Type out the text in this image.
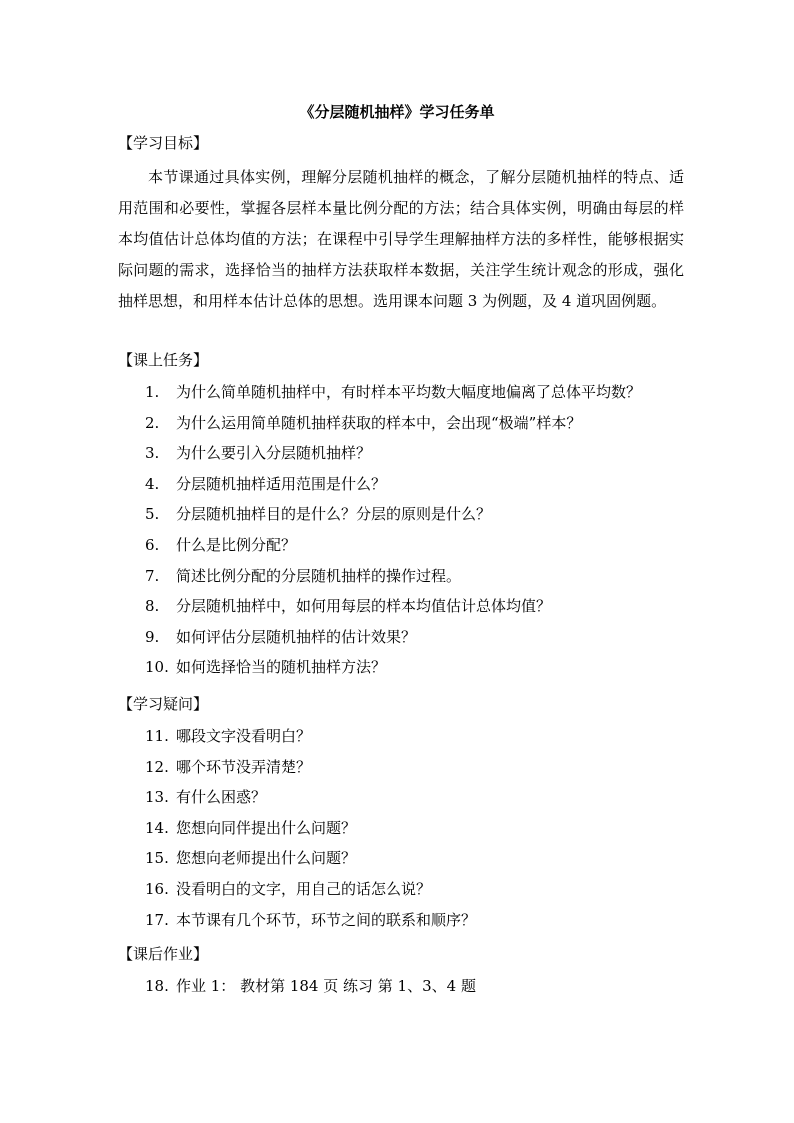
《分层随机抽样》学习任务单
【学习目标】
本节课通过具体实例，理解分层随机抽样的概念，了解分层随机抽样的特点、适用范围和必要性，掌握各层样本量比例分配的方法；结合具体实例，明确由每层的样本均值估计总体均值的方法；在课程中引导学生理解抽样方法的多样性，能够根据实际问题的需求，选择恰当的抽样方法获取样本数据，关注学生统计观念的形成，强化抽样思想，和用样本估计总体的思想。选用课本问题 3 为例题，及 4 道巩固例题。
【课上任务】
1. 为什么简单随机抽样中，有时样本平均数大幅度地偏离了总体平均数？
2. 为什么运用简单随机抽样获取的样本中，会出现“极端”样本？
3. 为什么要引入分层随机抽样？
4. 分层随机抽样适用范围是什么？
5. 分层随机抽样目的是什么？分层的原则是什么？
6. 什么是比例分配？
7. 简述比例分配的分层随机抽样的操作过程。
8. 分层随机抽样中，如何用每层的样本均值估计总体均值？
9. 如何评估分层随机抽样的估计效果？
10. 如何选择恰当的随机抽样方法？
【学习疑问】
11. 哪段文字没看明白？
12. 哪个环节没弄清楚？
13. 有什么困惑？
14. 您想向同伴提出什么问题？
15. 您想向老师提出什么问题？
16. 没看明白的文字，用自己的话怎么说？
17. 本节课有几个环节，环节之间的联系和顺序？
【课后作业】
18. 作业 1： 教材第 184 页 练习 第 1、3、4 题
